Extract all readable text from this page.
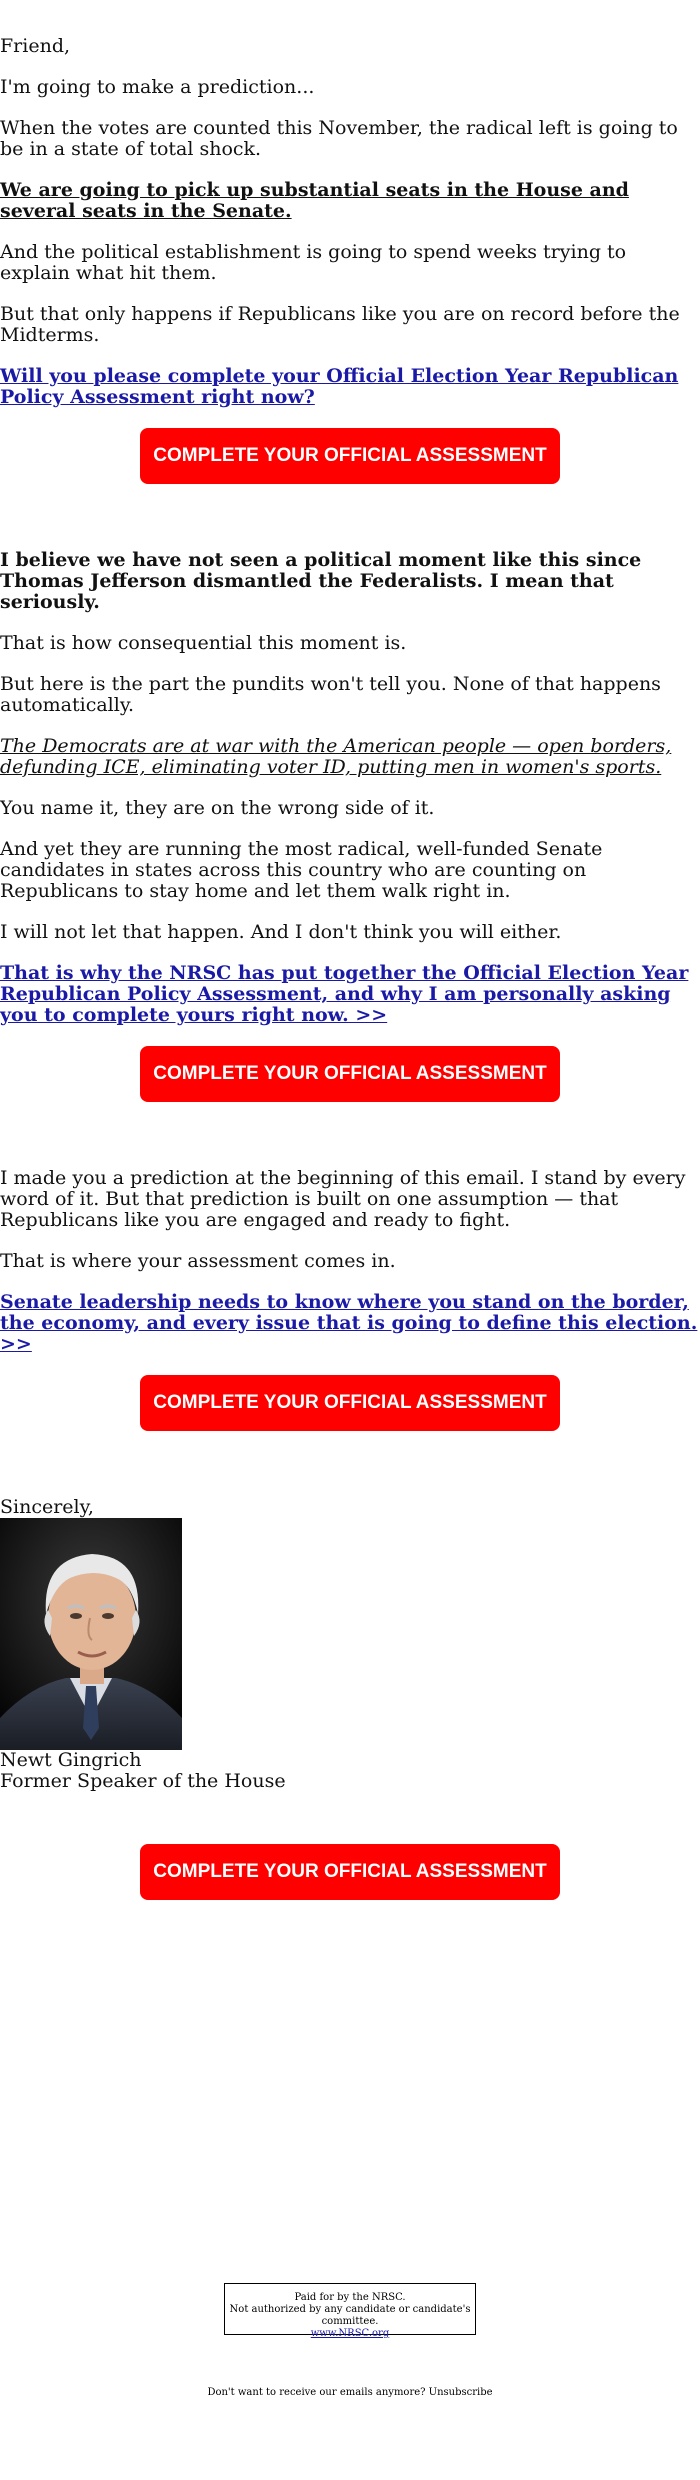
Friend,

I'm going to make a prediction...

When the votes are counted this November, the radical left is going to be in a state of total shock.

We are going to pick up substantial seats in the House and several seats in the Senate.

And the political establishment is going to spend weeks trying to explain what hit them.

But that only happens if Republicans like you are on record before the Midterms.

Will you please complete your Official Election Year Republican Policy Assessment right now?
COMPLETE YOUR OFFICIAL ASSESSMENT >>

I believe we have not seen a political moment like this since Thomas Jefferson dismantled the Federalists. I mean that seriously.

That is how consequential this moment is.

But here is the part the pundits won't tell you. None of that happens automatically.

The Democrats are at war with the American people — open borders, defunding ICE, eliminating voter ID, putting men in women's sports.

You name it, they are on the wrong side of it.

And yet they are running the most radical, well-funded Senate candidates in states across this country who are counting on Republicans to stay home and let them walk right in.

I will not let that happen. And I don't think you will either.

That is why the NRSC has put together the Official Election Year Republican Policy Assessment, and why I am personally asking you to complete yours right now. >>
COMPLETE YOUR OFFICIAL ASSESSMENT >>

I made you a prediction at the beginning of this email. I stand by every word of it. But that prediction is built on one assumption — that Republicans like you are engaged and ready to fight.

That is where your assessment comes in.

Senate leadership needs to know where you stand on the border, the economy, and every issue that is going to define this election. >>
COMPLETE YOUR OFFICIAL ASSESSMENT >>

Sincerely,

Newt Gingrich

Former Speaker of the House

COMPLETE YOUR OFFICIAL ASSESSMENT >>
Paid for by the NRSC.
Not authorized by any candidate or candidate's committee.
www.NRSC.org
Don't want to receive our emails anymore? Unsubscribe
